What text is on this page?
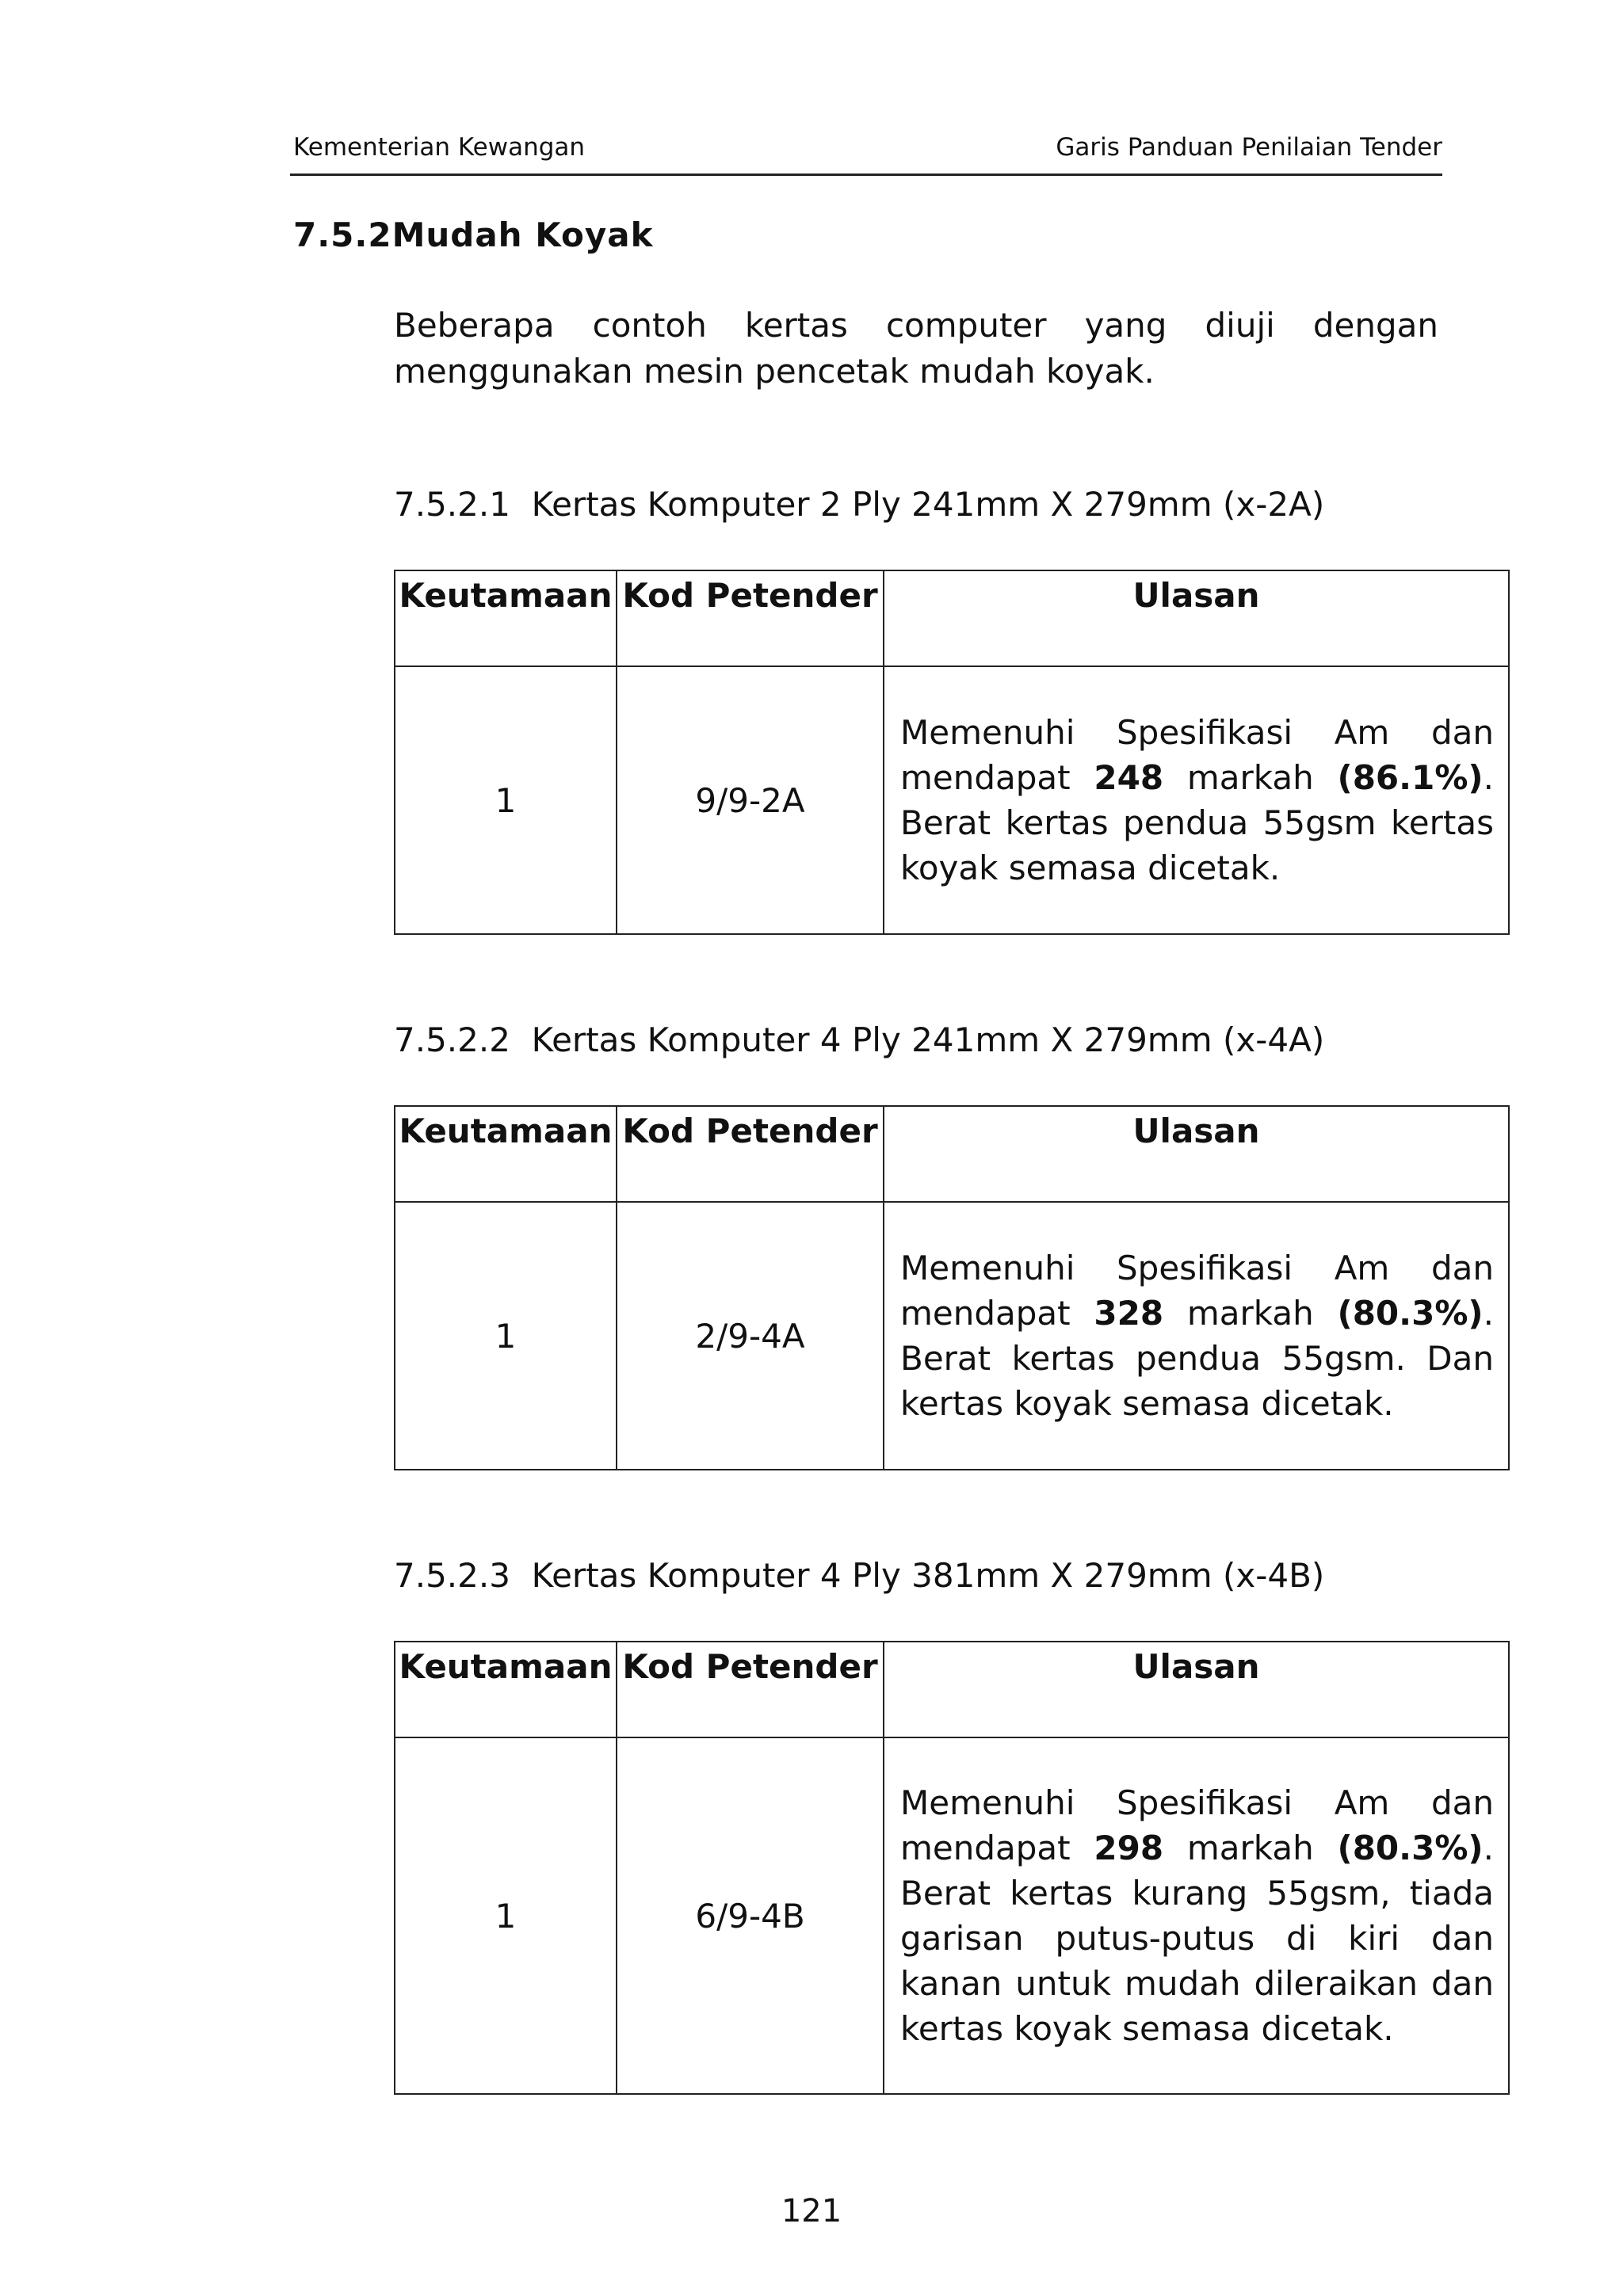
Kementerian Kewangan	Garis Panduan Penilaian Tender
7.5.2Mudah Koyak
Beberapa contoh kertas computer yang diuji dengan menggunakan mesin pencetak mudah koyak.
7.5.2.1  Kertas Komputer 2 Ply 241mm X 279mm (x-2A)
Keutamaan	Kod Petender	Ulasan
1	9/9-2A	Memenuhi Spesifikasi Am dan mendapat 248 markah (86.1%). Berat kertas pendua 55gsm kertas koyak semasa dicetak.
7.5.2.2  Kertas Komputer 4 Ply 241mm X 279mm (x-4A)
Keutamaan	Kod Petender	Ulasan
1	2/9-4A	Memenuhi Spesifikasi Am dan mendapat 328 markah (80.3%). Berat kertas pendua 55gsm. Dan kertas koyak semasa dicetak.
7.5.2.3  Kertas Komputer 4 Ply 381mm X 279mm (x-4B)
Keutamaan	Kod Petender	Ulasan
1	6/9-4B	Memenuhi Spesifikasi Am dan mendapat 298 markah (80.3%). Berat kertas kurang 55gsm, tiada garisan putus-putus di kiri dan kanan untuk mudah dileraikan dan kertas koyak semasa dicetak.
121
